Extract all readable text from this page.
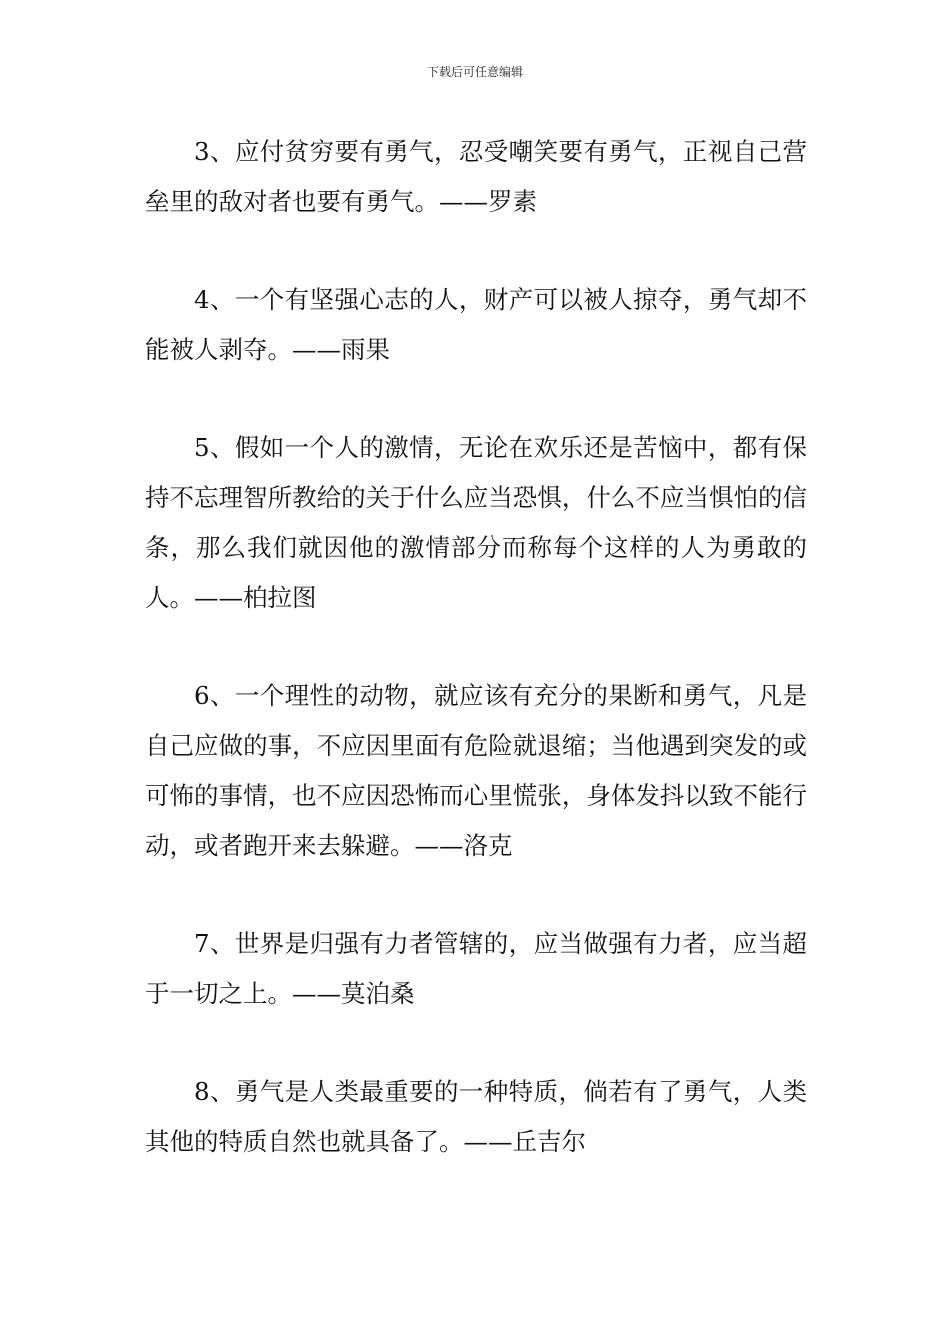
下载后可任意编辑

3、应付贫穷要有勇气，忍受嘲笑要有勇气，正视自己营垒里的敌对者也要有勇气。——罗素

4、一个有坚强心志的人，财产可以被人掠夺，勇气却不能被人剥夺。——雨果

5、假如一个人的激情，无论在欢乐还是苦恼中，都有保持不忘理智所教给的关于什么应当恐惧，什么不应当惧怕的信条，那么我们就因他的激情部分而称每个这样的人为勇敢的人。——柏拉图

6、一个理性的动物，就应该有充分的果断和勇气，凡是自己应做的事，不应因里面有危险就退缩；当他遇到突发的或可怖的事情，也不应因恐怖而心里慌张，身体发抖以致不能行动，或者跑开来去躲避。——洛克

7、世界是归强有力者管辖的，应当做强有力者，应当超于一切之上。——莫泊桑

8、勇气是人类最重要的一种特质，倘若有了勇气，人类其他的特质自然也就具备了。——丘吉尔
